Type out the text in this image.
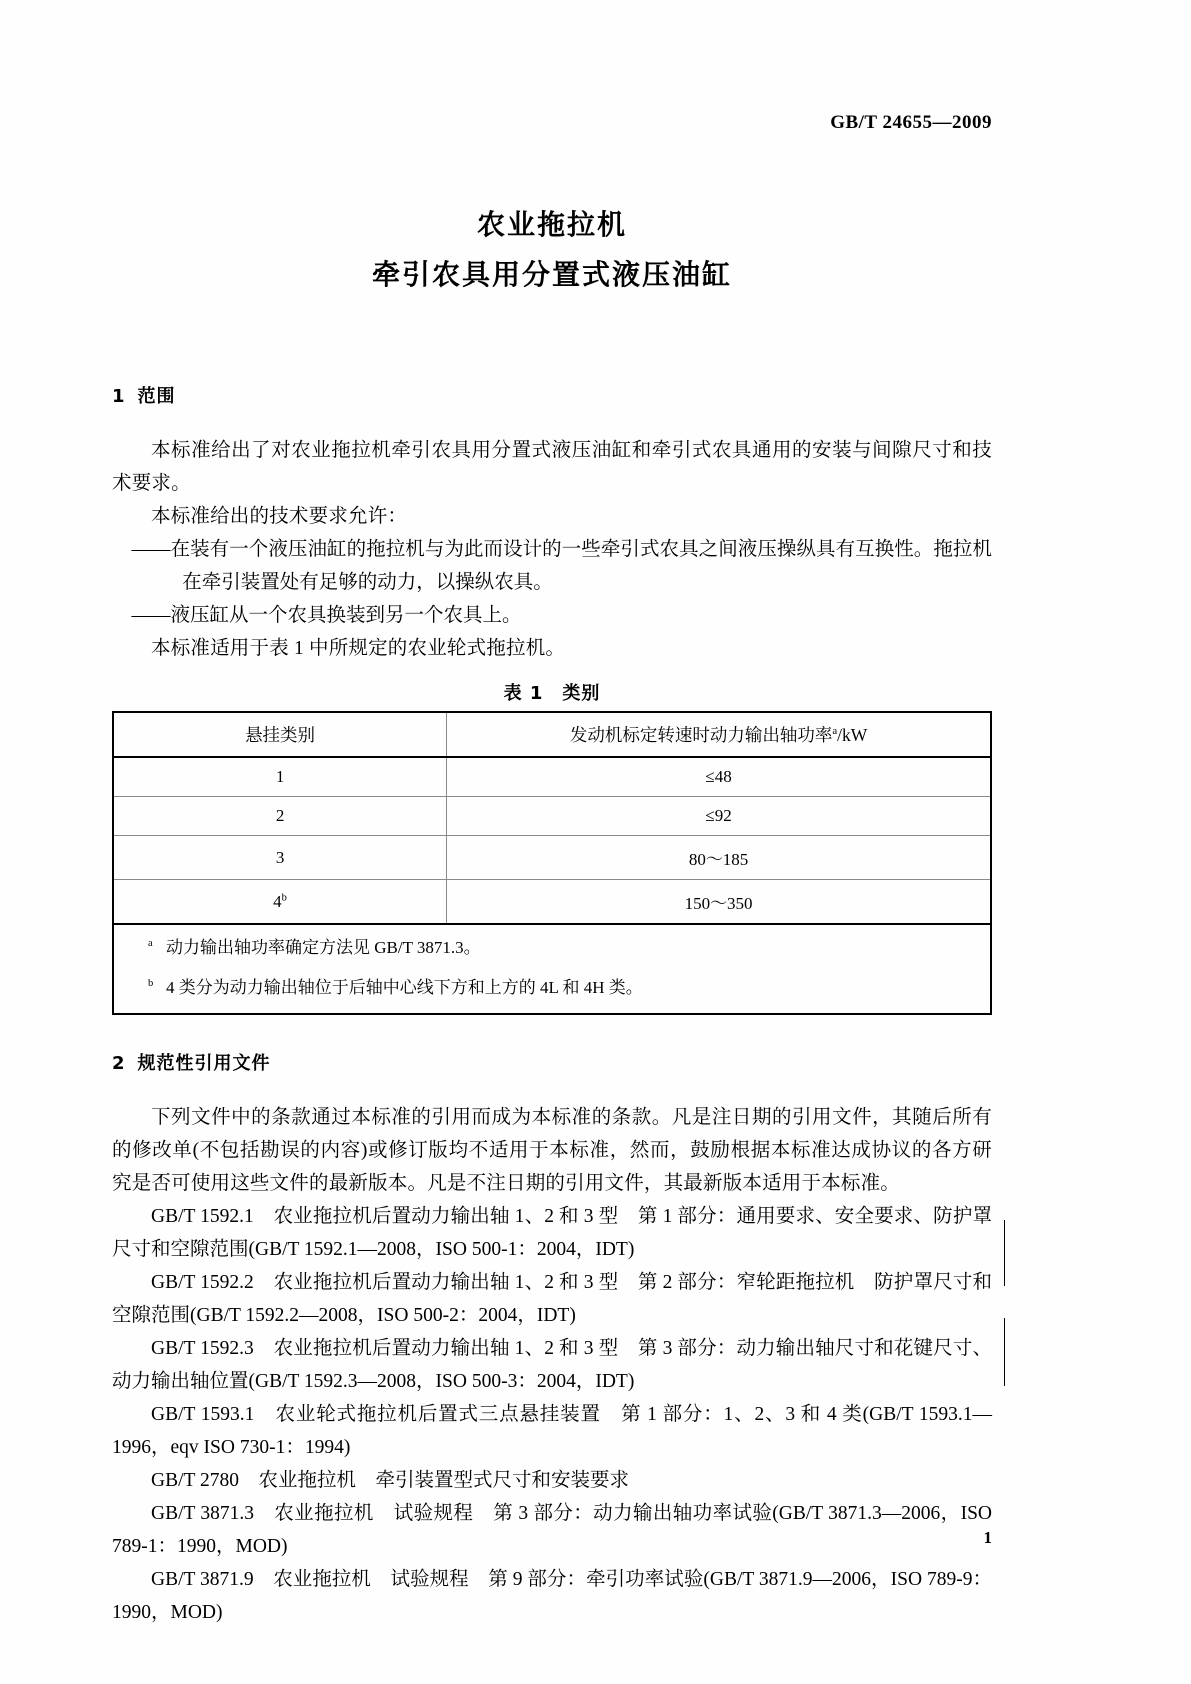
GB/T 24655—2009
农业拖拉机
牵引农具用分置式液压油缸
1 范围

本标准给出了对农业拖拉机牵引农具用分置式液压油缸和牵引式农具通用的安装与间隙尺寸和技术要求。

本标准给出的技术要求允许：

——在装有一个液压油缸的拖拉机与为此而设计的一些牵引式农具之间液压操纵具有互换性。拖拉机在牵引装置处有足够的动力，以操纵农具。

——液压缸从一个农具换装到另一个农具上。

本标准适用于表 1 中所规定的农业轮式拖拉机。

表 1　类别
悬挂类别	发动机标定转速时动力输出轴功率$^a$/kW
1	≤48
2	≤92
3	80～185
4$^b$	150～350
a 动力输出轴功率确定方法见 GB/T 3871.3。	
b 4 类分为动力输出轴位于后轴中心线下方和上方的 4L 和 4H 类。	
2 规范性引用文件

下列文件中的条款通过本标准的引用而成为本标准的条款。凡是注日期的引用文件，其随后所有的修改单(不包括勘误的内容)或修订版均不适用于本标准，然而，鼓励根据本标准达成协议的各方研究是否可使用这些文件的最新版本。凡是不注日期的引用文件，其最新版本适用于本标准。

GB/T 1592.1　农业拖拉机后置动力输出轴 1、2 和 3 型　第 1 部分：通用要求、安全要求、防护罩尺寸和空隙范围(GB/T 1592.1—2008，ISO 500-1：2004，IDT)

GB/T 1592.2　农业拖拉机后置动力输出轴 1、2 和 3 型　第 2 部分：窄轮距拖拉机　防护罩尺寸和空隙范围(GB/T 1592.2—2008，ISO 500-2：2004，IDT)

GB/T 1592.3　农业拖拉机后置动力输出轴 1、2 和 3 型　第 3 部分：动力输出轴尺寸和花键尺寸、动力输出轴位置(GB/T 1592.3—2008，ISO 500-3：2004，IDT)

GB/T 1593.1　农业轮式拖拉机后置式三点悬挂装置　第 1 部分：1、2、3 和 4 类(GB/T 1593.1—1996，eqv ISO 730-1：1994)

GB/T 2780　农业拖拉机　牵引装置型式尺寸和安装要求

GB/T 3871.3　农业拖拉机　试验规程　第 3 部分：动力输出轴功率试验(GB/T 3871.3—2006，ISO 789-1：1990，MOD)

GB/T 3871.9　农业拖拉机　试验规程　第 9 部分：牵引功率试验(GB/T 3871.9—2006，ISO 789-9：1990，MOD)

1
